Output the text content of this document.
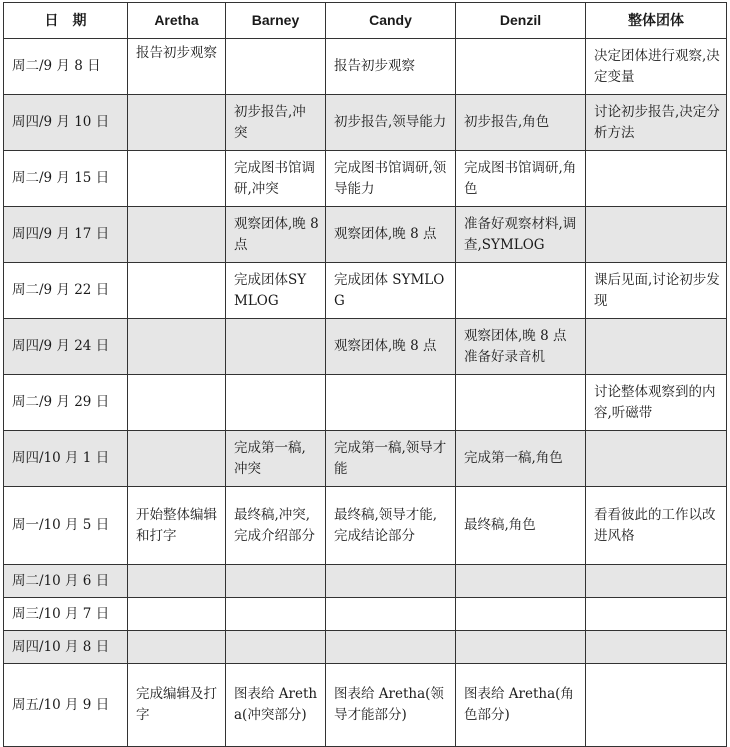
日期	Aretha	Barney	Candy	Denzil	整体团体
周二/9 月 8 日	报告初步观察		报告初步观察		决定团体进行观察,决定变量
周四/9 月 10 日		初步报告,冲突	初步报告,领导能力	初步报告,角色	讨论初步报告,决定分析方法
周二/9 月 15 日		完成图书馆调研,冲突	完成图书馆调研,领导能力	完成图书馆调研,角色	
周四/9 月 17 日		观察团体,晚 8 点	观察团体,晚 8 点	准备好观察材料,调查,SYMLOG	
周二/9 月 22 日		完成团体SYMLOG	完成团体 SYMLOG		课后见面,讨论初步发现
周四/9 月 24 日			观察团体,晚 8 点	观察团体,晚 8 点准备好录音机	
周二/9 月 29 日					讨论整体观察到的内容,听磁带
周四/10 月 1 日		完成第一稿,冲突	完成第一稿,领导才能	完成第一稿,角色	
周一/10 月 5 日	开始整体编辑和打字	最终稿,冲突,完成介绍部分	最终稿,领导才能,完成结论部分	最终稿,角色	看看彼此的工作以改进风格
周二/10 月 6 日					
周三/10 月 7 日					
周四/10 月 8 日					
周五/10 月 9 日	完成编辑及打字	图表给 Aretha(冲突部分)	图表给 Aretha(领导才能部分)	图表给 Aretha(角色部分)	
